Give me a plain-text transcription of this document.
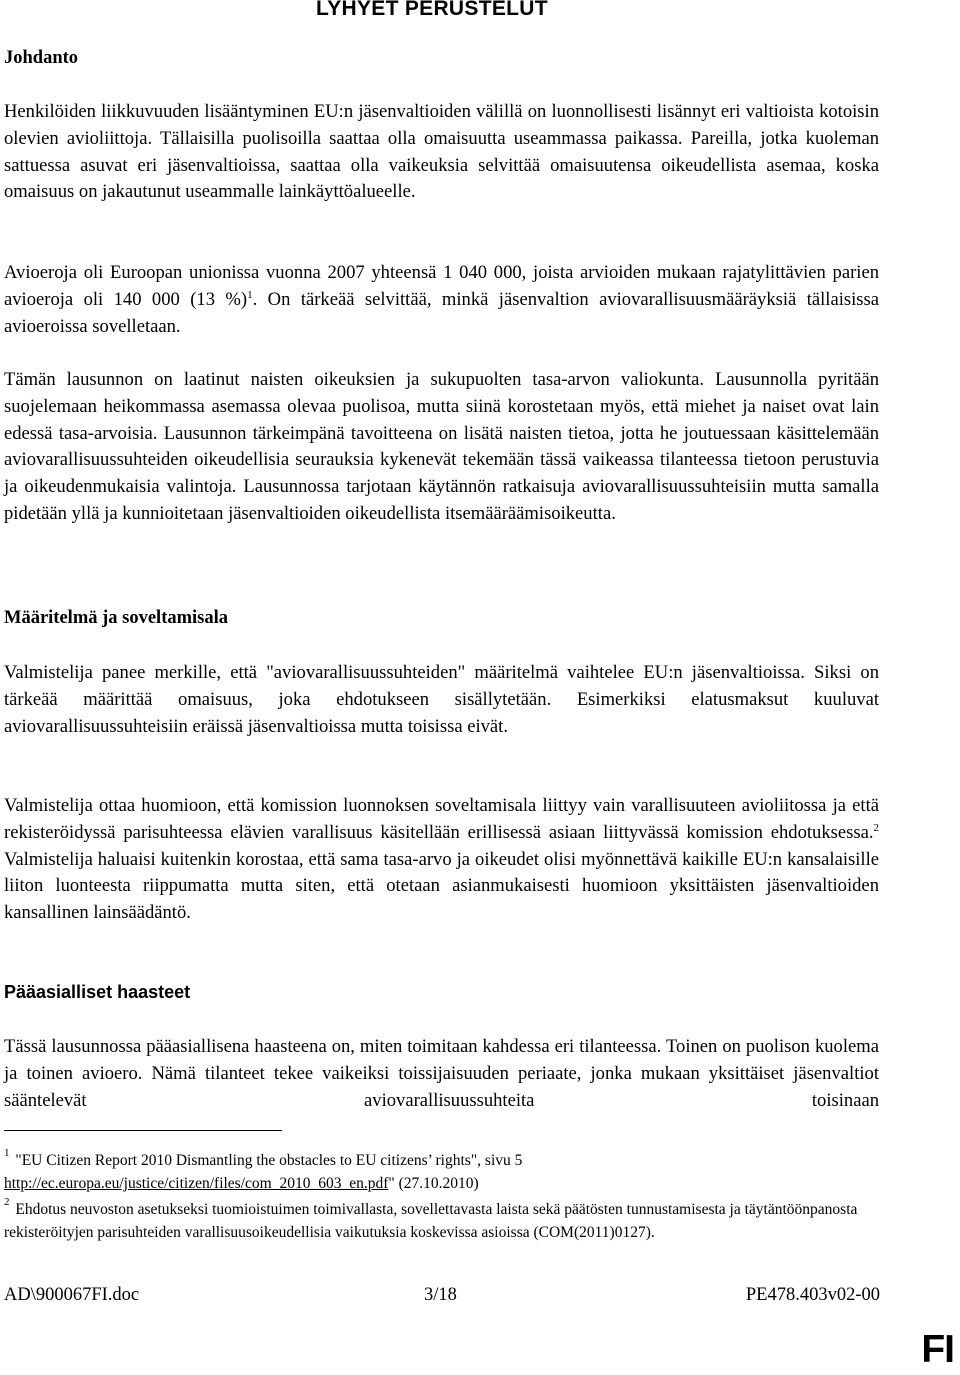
LYHYET PERUSTELUT
Johdanto
Henkilöiden liikkuvuuden lisääntyminen EU:n jäsenvaltioiden välillä on luonnollisesti lisännyt eri valtioista kotoisin olevien avioliittoja. Tällaisilla puolisoilla saattaa olla omaisuutta useammassa paikassa. Pareilla, jotka kuoleman sattuessa asuvat eri jäsenvaltioissa, saattaa olla vaikeuksia selvittää omaisuutensa oikeudellista asemaa, koska omaisuus on jakautunut useammalle lainkäyttöalueelle.
Avioeroja oli Euroopan unionissa vuonna 2007 yhteensä 1 040 000, joista arvioiden mukaan rajatylittävien parien avioeroja oli 140 000 (13 %)$^1$. On tärkeää selvittää, minkä jäsenvaltion aviovarallisuusmääräyksiä tällaisissa avioeroissa sovelletaan.
Tämän lausunnon on laatinut naisten oikeuksien ja sukupuolten tasa-arvon valiokunta. Lausunnolla pyritään suojelemaan heikommassa asemassa olevaa puolisoa, mutta siinä korostetaan myös, että miehet ja naiset ovat lain edessä tasa-arvoisia. Lausunnon tärkeimpänä tavoitteena on lisätä naisten tietoa, jotta he joutuessaan käsittelemään aviovarallisuussuhteiden oikeudellisia seurauksia kykenevät tekemään tässä vaikeassa tilanteessa tietoon perustuvia ja oikeudenmukaisia valintoja. Lausunnossa tarjotaan käytännön ratkaisuja aviovarallisuussuhteisiin mutta samalla pidetään yllä ja kunnioitetaan jäsenvaltioiden oikeudellista itsemääräämisoikeutta.
Määritelmä ja soveltamisala
Valmistelija panee merkille, että "aviovarallisuussuhteiden" määritelmä vaihtelee EU:n jäsenvaltioissa. Siksi on tärkeää määrittää omaisuus, joka ehdotukseen sisällytetään. Esimerkiksi elatusmaksut kuuluvat aviovarallisuussuhteisiin eräissä jäsenvaltioissa mutta toisissa eivät.
Valmistelija ottaa huomioon, että komission luonnoksen soveltamisala liittyy vain varallisuuteen avioliitossa ja että rekisteröidyssä parisuhteessa elävien varallisuus käsitellään erillisessä asiaan liittyvässä komission ehdotuksessa.$^2$ Valmistelija haluaisi kuitenkin korostaa, että sama tasa-arvo ja oikeudet olisi myönnettävä kaikille EU:n kansalaisille liiton luonteesta riippumatta mutta siten, että otetaan asianmukaisesti huomioon yksittäisten jäsenvaltioiden kansallinen lainsäädäntö.
Pääasialliset haasteet
Tässä lausunnossa pääasiallisena haasteena on, miten toimitaan kahdessa eri tilanteessa. Toinen on puolison kuolema ja toinen avioero. Nämä tilanteet tekee vaikeiksi toissijaisuuden periaate, jonka mukaan yksittäiset jäsenvaltiot sääntelevät aviovarallisuussuhteita toisinaan
$^1$ "EU Citizen Report 2010 Dismantling the obstacles to EU citizens’ rights", sivu 5
http://ec.europa.eu/justice/citizen/files/com_2010_603_en.pdf" (27.10.2010)
$^2$ Ehdotus neuvoston asetukseksi tuomioistuimen toimivallasta, sovellettavasta laista sekä päätösten tunnustamisesta ja täytäntöönpanosta rekisteröityjen parisuhteiden varallisuusoikeudellisia vaikutuksia koskevissa asioissa (COM(2011)0127).
AD\900067FI.doc	3/18	PE478.403v02-00
FI
